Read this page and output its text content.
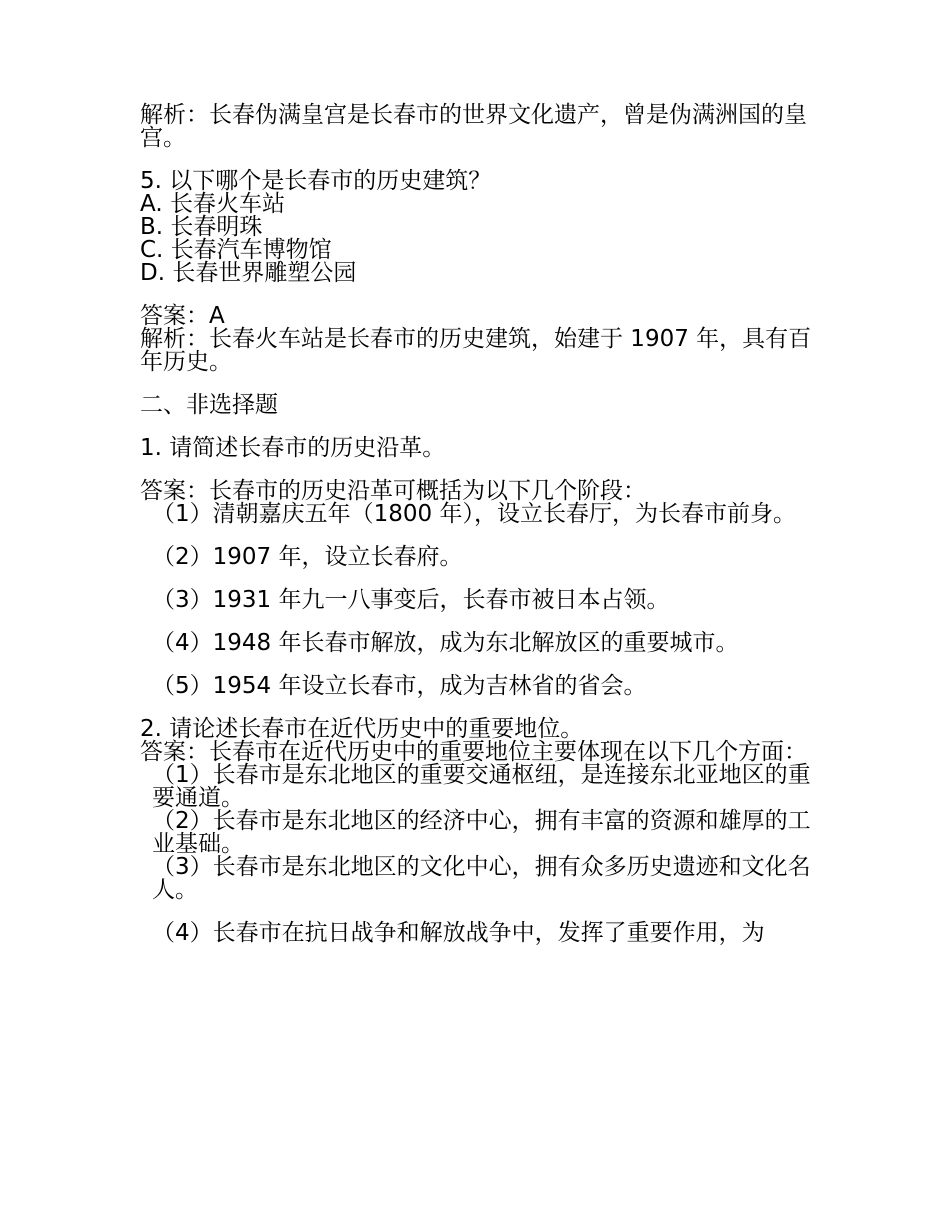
解析：长春伪满皇宫是长春市的世界文化遗产，曾是伪满洲国的皇宫。

5. 以下哪个是长春市的历史建筑？

A. 长春火车站

B. 长春明珠

C. 长春汽车博物馆

D. 长春世界雕塑公园

答案：A

解析：长春火车站是长春市的历史建筑，始建于 1907 年，具有百年历史。

二、非选择题

1. 请简述长春市的历史沿革。

答案：长春市的历史沿革可概括为以下几个阶段：

（1）清朝嘉庆五年（1800 年），设立长春厅，为长春市前身。

（2）1907 年，设立长春府。

（3）1931 年九一八事变后，长春市被日本占领。

（4）1948 年长春市解放，成为东北解放区的重要城市。

（5）1954 年设立长春市，成为吉林省的省会。

2. 请论述长春市在近代历史中的重要地位。

答案：长春市在近代历史中的重要地位主要体现在以下几个方面：

（1）长春市是东北地区的重要交通枢纽，是连接东北亚地区的重要通道。

（2）长春市是东北地区的经济中心，拥有丰富的资源和雄厚的工业基础。

（3）长春市是东北地区的文化中心，拥有众多历史遗迹和文化名人。

（4）长春市在抗日战争和解放战争中，发挥了重要作用，为
